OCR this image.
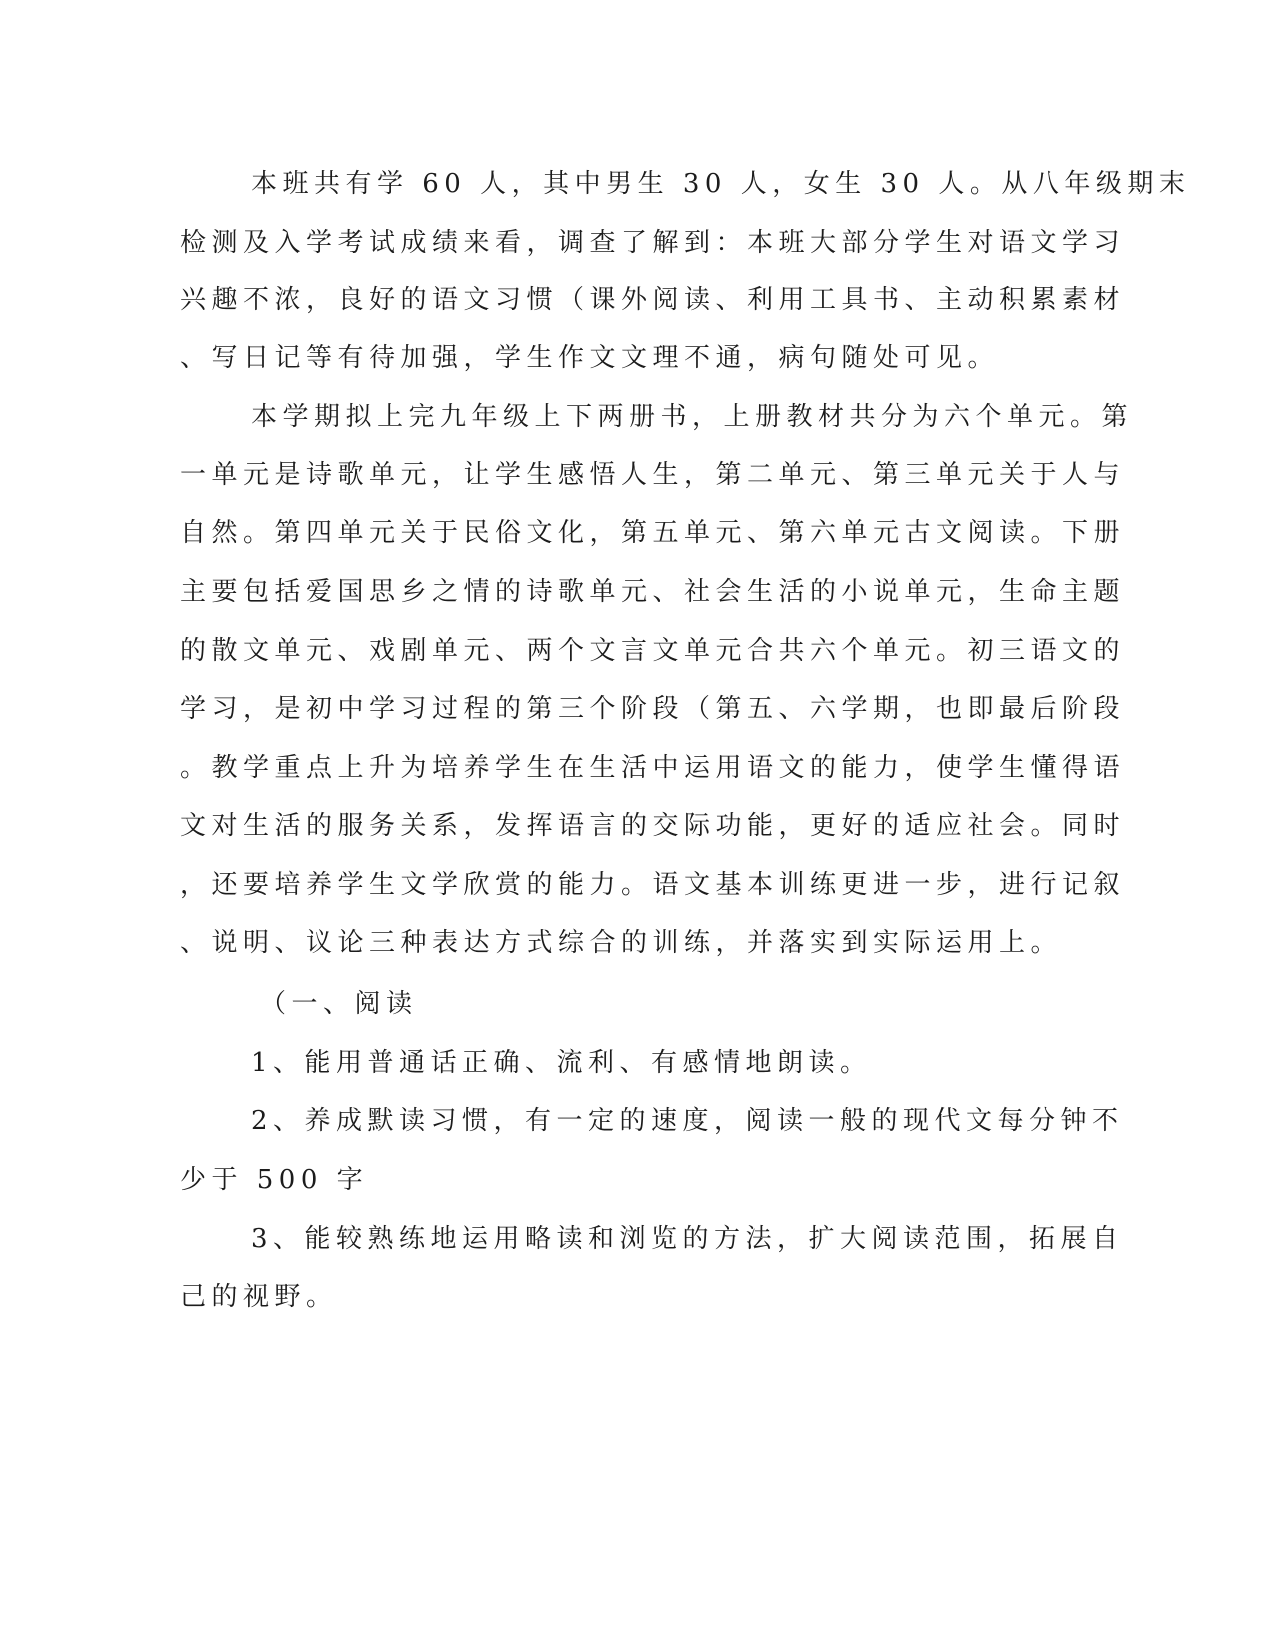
本班共有学 60 人，其中男生 30 人，女生 30 人。从八年级期末
检测及入学考试成绩来看，调查了解到：本班大部分学生对语文学习
兴趣不浓，良好的语文习惯（课外阅读、利用工具书、主动积累素材
、写日记等有待加强，学生作文文理不通，病句随处可见。
本学期拟上完九年级上下两册书，上册教材共分为六个单元。第
一单元是诗歌单元，让学生感悟人生，第二单元、第三单元关于人与
自然。第四单元关于民俗文化，第五单元、第六单元古文阅读。下册
主要包括爱国思乡之情的诗歌单元、社会生活的小说单元，生命主题
的散文单元、戏剧单元、两个文言文单元合共六个单元。初三语文的
学习，是初中学习过程的第三个阶段（第五、六学期，也即最后阶段
。教学重点上升为培养学生在生活中运用语文的能力，使学生懂得语
文对生活的服务关系，发挥语言的交际功能，更好的适应社会。同时
，还要培养学生文学欣赏的能力。语文基本训练更进一步，进行记叙
、说明、议论三种表达方式综合的训练，并落实到实际运用上。
（一、阅读
1、能用普通话正确、流利、有感情地朗读。
2、养成默读习惯，有一定的速度，阅读一般的现代文每分钟不
少于 500 字
3、能较熟练地运用略读和浏览的方法，扩大阅读范围，拓展自
己的视野。
